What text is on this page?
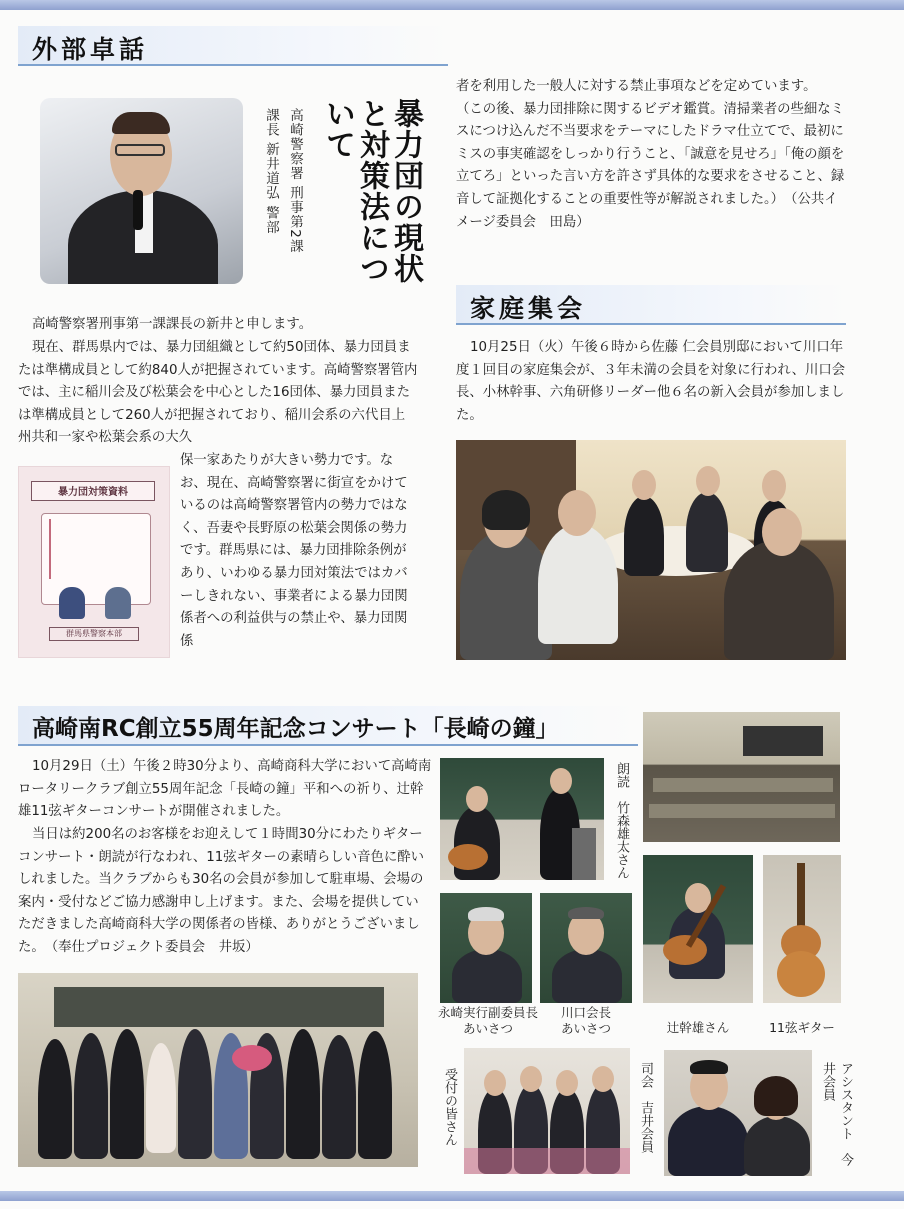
外部卓話
暴力団の現状と対策法について
高崎警察署 刑事第2課
課長 新井道弘 警部

高崎警察署刑事第一課課長の新井と申します。

現在、群馬県内では、暴力団組織として約50団体、暴力団員または準構成員として約840人が把握されています。高崎警察署管内では、主に稲川会及び松葉会を中心とした16団体、暴力団員または準構成員として260人が把握されており、稲川会系の六代目上州共和一家や松葉会系の大久

暴力団対策資料
群馬県警察本部

保一家あたりが大きい勢力です。なお、現在、高崎警察署に街宣をかけているのは高崎警察署管内の勢力ではなく、吾妻や長野原の松葉会関係の勢力です。群馬県には、暴力団排除条例があり、いわゆる暴力団対策法ではカバーしきれない、事業者による暴力団関係者への利益供与の禁止や、暴力団関係

者を利用した一般人に対する禁止事項などを定めています。
（この後、暴力団排除に関するビデオ鑑賞。清掃業者の些細なミスにつけ込んだ不当要求をテーマにしたドラマ仕立てで、最初にミスの事実確認をしっかり行うこと、「誠意を見せろ」「俺の顔を立てろ」といった言い方を許さず具体的な要求をさせること、録音して証拠化することの重要性等が解説されました。）　（公共イメージ委員会　田島）

家庭集会

10月25日（火）午後６時から佐藤 仁会員別邸において川口年度１回目の家庭集会が、３年未満の会員を対象に行われ、川口会長、小林幹事、六角研修リーダー他６名の新入会員が参加しました。

高崎南RC創立55周年記念コンサート「長崎の鐘」

10月29日（土）午後２時30分より、高崎商科大学において高崎南ロータリークラブ創立55周年記念「長崎の鐘」平和への祈り、辻幹雄11弦ギターコンサートが開催されました。

当日は約200名のお客様をお迎えして１時間30分にわたりギターコンサート・朗読が行なわれ、11弦ギターの素晴らしい音色に酔いしれました。当クラブからも30名の会員が参加して駐車場、会場の案内・受付などご協力感謝申し上げます。また、会場を提供していただきました高崎商科大学の関係者の皆様、ありがとうございました。　（奉仕プロジェクト委員会　井坂）

朗読　竹森雄太さん
永崎実行副委員長
あいさつ
川口会長
あいさつ	辻幹雄さん	11弦ギター
受付の皆さん	司会　吉井会員	アシスタント　今井会員
